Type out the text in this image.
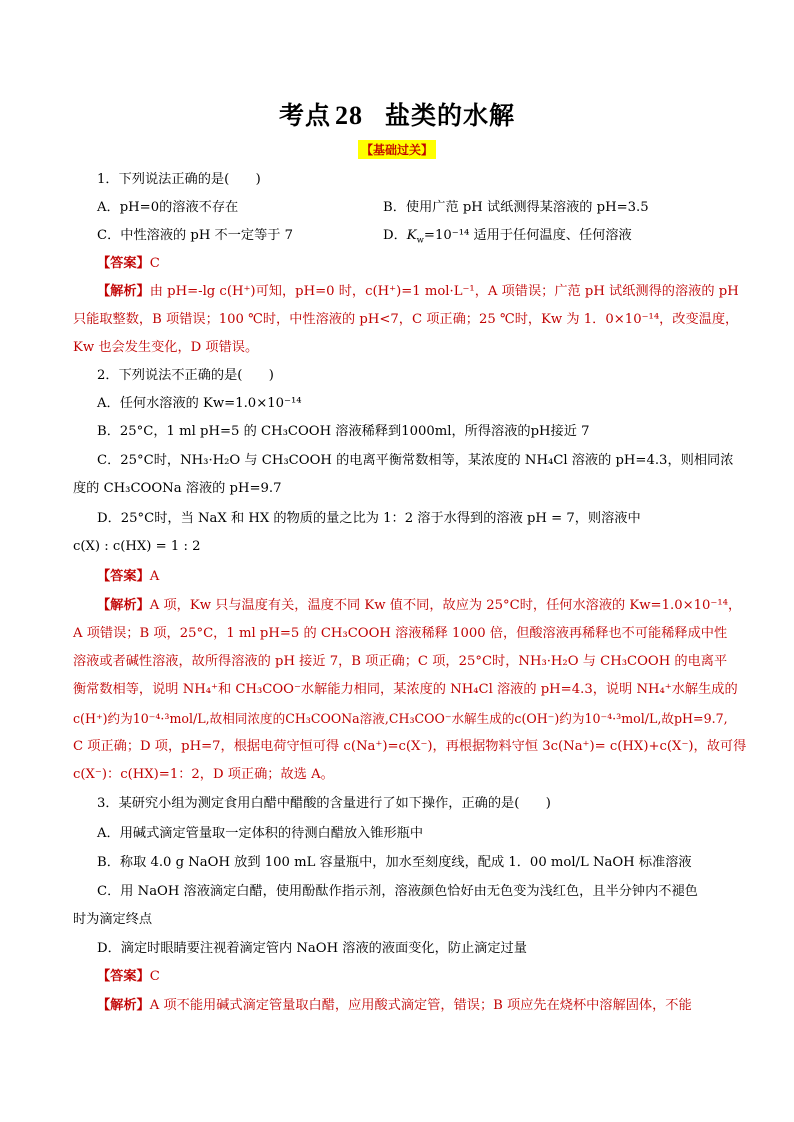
考点 28 盐类的水解
【基础过关】
1．下列说法正确的是(　　)
A．pH=0的溶液不存在	B．使用广范 pH 试纸测得某溶液的 pH=3.5
C．中性溶液的 pH 不一定等于 7	D．$K_w=10^{-14}$ 适用于任何温度、任何溶液
【答案】C
【解析】由 pH=-lg c(H⁺)可知，pH=0 时，c(H⁺)=1 mol·L⁻¹，A 项错误；广范 pH 试纸测得的溶液的 pH
只能取整数，B 项错误；100 ℃时，中性溶液的 pH<7，C 项正确；25 ℃时，Kw 为 1．0×10⁻¹⁴，改变温度，
Kw 也会发生变化，D 项错误。
2．下列说法不正确的是(　　)
A．任何水溶液的 Kw=1.0×10⁻¹⁴
B．25°C，1 ml pH=5 的 CH₃COOH 溶液稀释到1000ml，所得溶液的pH接近 7
C．25°C时，NH₃·H₂O 与 CH₃COOH 的电离平衡常数相等，某浓度的 NH₄Cl 溶液的 pH=4.3，则相同浓
度的 CH₃COONa 溶液的 pH=9.7
D．25°C时，当 NaX 和 HX 的物质的量之比为 1：2 溶于水得到的溶液 pH = 7，则溶液中
c(X) : c(HX) = 1 : 2
【答案】A
【解析】A 项，Kw 只与温度有关，温度不同 Kw 值不同，故应为 25°C时，任何水溶液的 Kw=1.0×10⁻¹⁴，
A 项错误；B 项，25°C，1 ml pH=5 的 CH₃COOH 溶液稀释 1000 倍，但酸溶液再稀释也不可能稀释成中性
溶液或者碱性溶液，故所得溶液的 pH 接近 7，B 项正确；C 项，25°C时，NH₃·H₂O 与 CH₃COOH 的电离平
衡常数相等，说明 NH₄⁺和 CH₃COO⁻水解能力相同，某浓度的 NH₄Cl 溶液的 pH=4.3，说明 NH₄⁺水解生成的
c(H⁺)约为10⁻⁴·³mol/L,故相同浓度的CH₃COONa溶液,CH₃COO⁻水解生成的c(OH⁻)约为10⁻⁴·³mol/L,故pH=9.7,
C 项正确；D 项，pH=7，根据电荷守恒可得 c(Na⁺)=c(X⁻)，再根据物料守恒 3c(Na⁺)= c(HX)+c(X⁻)，故可得
c(X⁻)：c(HX)=1：2，D 项正确；故选 A。
3．某研究小组为测定食用白醋中醋酸的含量进行了如下操作，正确的是(　　)
A．用碱式滴定管量取一定体积的待测白醋放入锥形瓶中
B．称取 4.0 g NaOH 放到 100 mL 容量瓶中，加水至刻度线，配成 1．00 mol/L NaOH 标准溶液
C．用 NaOH 溶液滴定白醋，使用酚酞作指示剂，溶液颜色恰好由无色变为浅红色，且半分钟内不褪色
时为滴定终点
D．滴定时眼睛要注视着滴定管内 NaOH 溶液的液面变化，防止滴定过量
【答案】C
【解析】A 项不能用碱式滴定管量取白醋，应用酸式滴定管，错误；B 项应先在烧杯中溶解固体，不能
